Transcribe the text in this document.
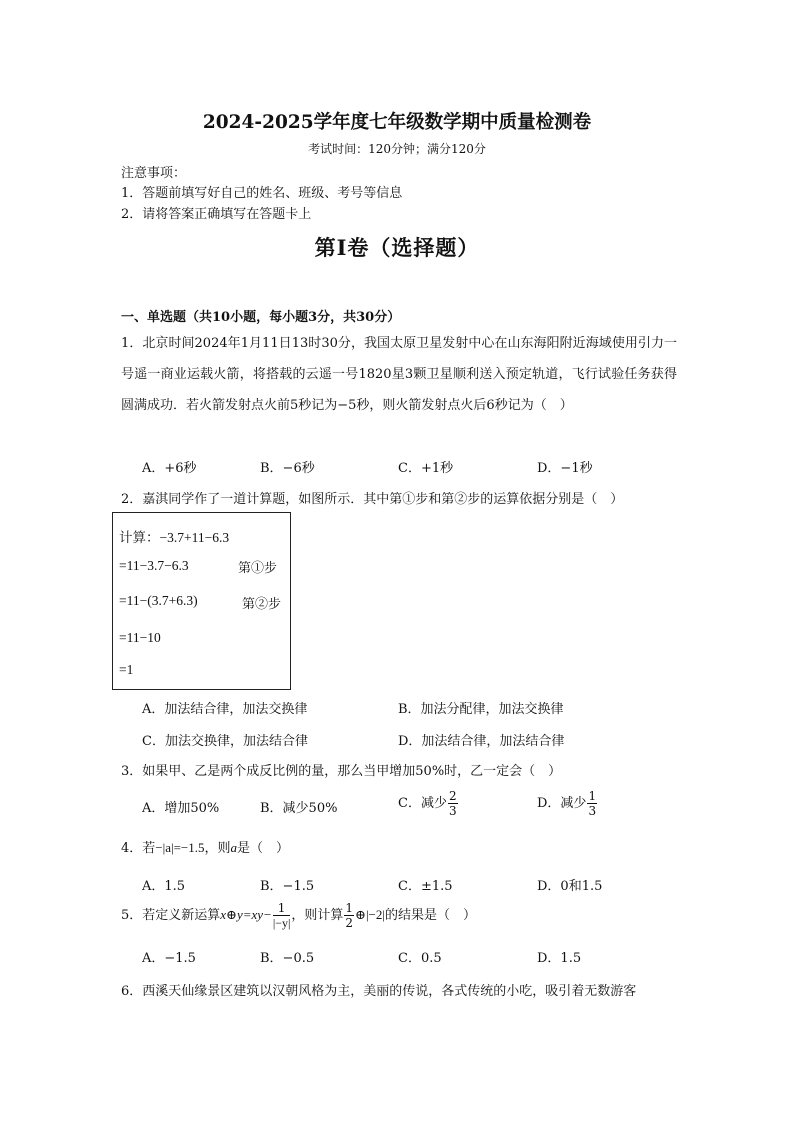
2024-2025学年度七年级数学期中质量检测卷
考试时间：120分钟；满分120分
注意事项：
1．答题前填写好自己的姓名、班级、考号等信息
2．请将答案正确填写在答题卡上
第I卷（选择题）
一、单选题（共10小题，每小题3分，共30分）
1．北京时间2024年1月11日13时30分，我国太原卫星发射中心在山东海阳附近海域使用引力一号遥一商业运载火箭，将搭载的云遥一号1820星3颗卫星顺利送入预定轨道，飞行试验任务获得圆满成功．若火箭发射点火前5秒记为−5秒，则火箭发射点火后6秒记为（　）
A．+6秒	B．−6秒	C．+1秒	D．−1秒
2．嘉淇同学作了一道计算题，如图所示．其中第①步和第②步的运算依据分别是（　）
计算：−3.7+11−6.3
=11−3.7−6.3	第①步
=11−(3.7+6.3)	第②步
=11−10
=1
A．加法结合律，加法交换律	B．加法分配律，加法交换律
C．加法交换律，加法结合律	D．加法结合律，加法结合律
3．如果甲、乙是两个成反比例的量，那么当甲增加50%时，乙一定会（　）
A．增加50%	B．减少50%	C．减少 $\frac{2}{3}$	D．减少 $\frac{1}{3}$
4．若−|a|=−1.5，则a是（　）
A．1.5	B．−1.5	C．±1.5	D．0和1.5
5．若定义新运算x⊕y=xy− $\frac{1}{|-y|}$ ，则计算 $\frac{1}{2}$ ⊕|−2|的结果是（　）
A．−1.5	B．−0.5	C．0.5	D．1.5
6．西溪天仙缘景区建筑以汉朝风格为主，美丽的传说，各式传统的小吃，吸引着无数游客
